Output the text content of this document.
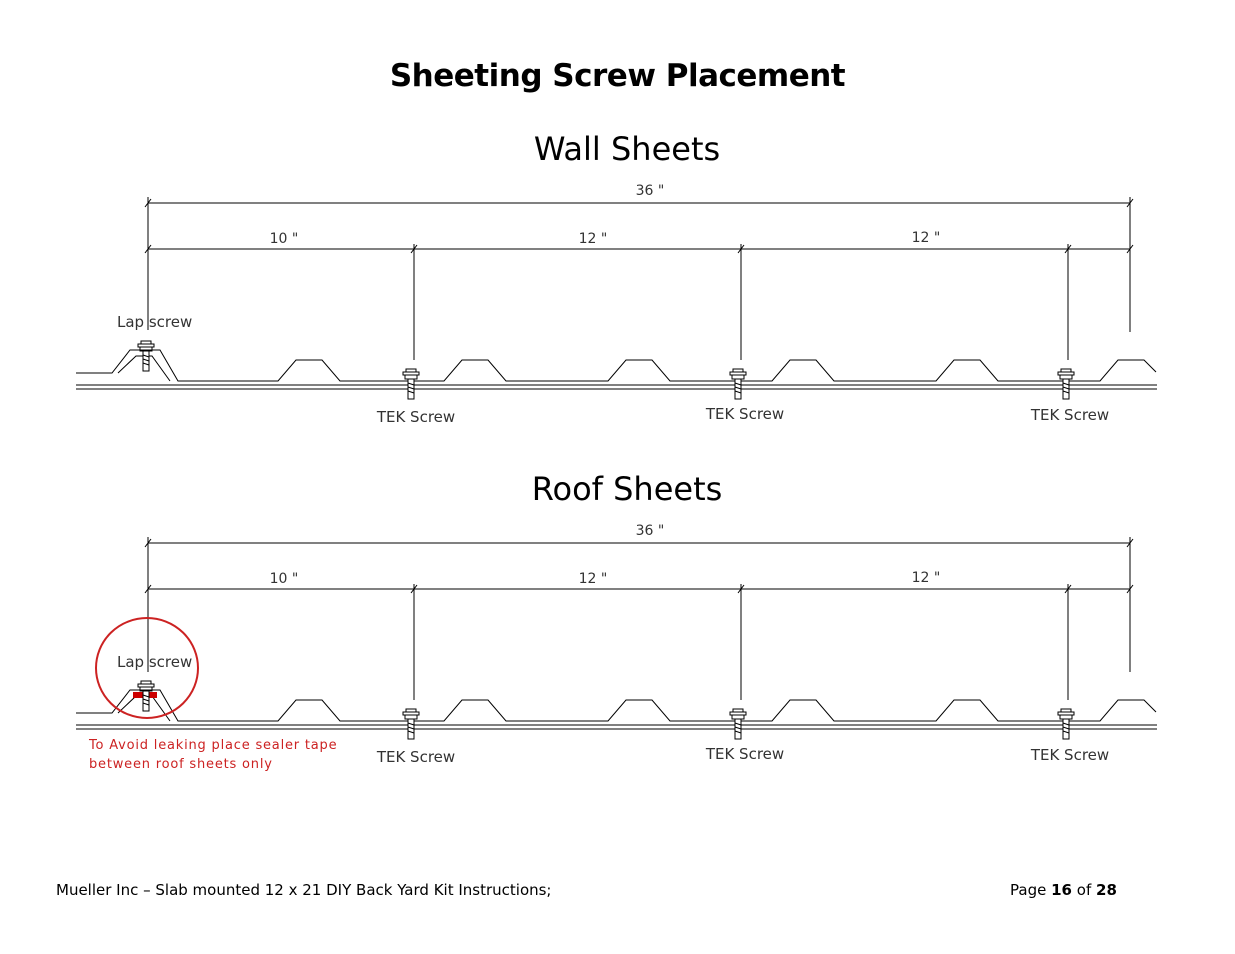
Sheeting Screw Placement
Wall Sheets
36 "
10 "	12 "	12 "
Lap screw
TEK Screw	TEK Screw	TEK Screw
Roof Sheets
36 "
10 "	12 "	12 "
Lap screw
TEK Screw	TEK Screw	TEK Screw
To Avoid leaking place sealer tape
between roof sheets only
Mueller Inc – Slab mounted 12 x 21 DIY Back Yard Kit Instructions;	Page 16 of 28
